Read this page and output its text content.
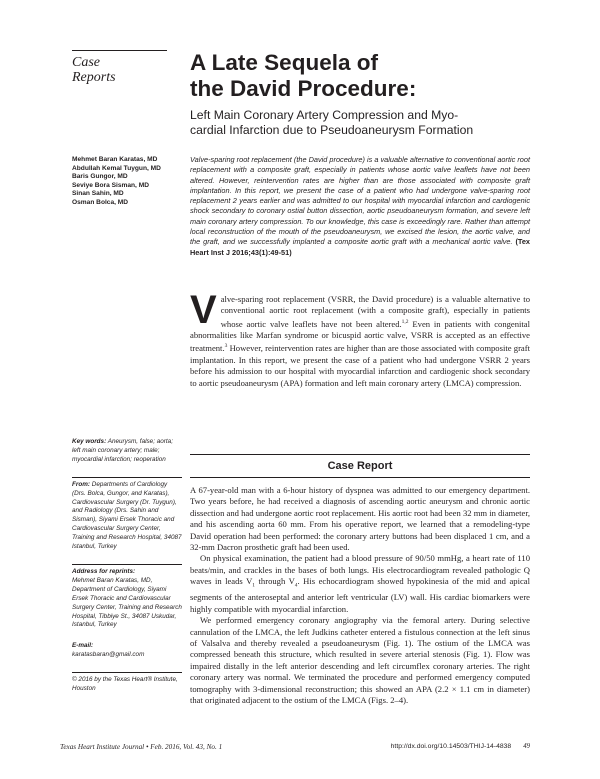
Case
Reports
A Late Sequela of
the David Procedure:
Left Main Coronary Artery Compression and Myo-
cardial Infarction due to Pseudoaneurysm Formation
Mehmet Baran Karatas, MD
Abdullah Kemal Tuygun, MD
Baris Gungor, MD
Seviye Bora Sisman, MD
Sinan Sahin, MD
Osman Bolca, MD
Valve-sparing root replacement (the David procedure) is a valuable alternative to conventional aortic root replacement with a composite graft, especially in patients whose aortic valve leaflets have not been altered. However, reintervention rates are higher than are those associated with composite graft implantation. In this report, we present the case of a patient who had undergone valve-sparing root replacement 2 years earlier and was admitted to our hospital with myocardial infarction and cardiogenic shock secondary to coronary ostial button dissection, aortic pseudoaneurysm formation, and severe left main coronary artery compression. To our knowledge, this case is exceedingly rare. Rather than attempt local reconstruction of the mouth of the pseudoaneurysm, we excised the lesion, the aortic valve, and the graft, and we successfully implanted a composite aortic graft with a mechanical aortic valve. (Tex Heart Inst J 2016;43(1):49-51)
Valve-sparing root replacement (VSRR, the David procedure) is a valuable alternative to conventional aortic root replacement (with a composite graft), especially in patients whose aortic valve leaflets have not been altered.$^{1,2}$ Even in patients with congenital abnormalities like Marfan syndrome or bicuspid aortic valve, VSRR is accepted as an effective treatment.$^3$ However, reintervention rates are higher than are those associated with composite graft implantation. In this report, we present the case of a patient who had undergone VSRR 2 years before his admission to our hospital with myocardial infarction and cardiogenic shock secondary to aortic pseudoaneurysm (APA) formation and left main coronary artery (LMCA) compression.
Key words: Aneurysm, false; aorta; left main coronary artery; male; myocardial infarction; reoperation
From: Departments of Cardiology (Drs. Bolca, Gungor, and Karatas), Cardiovascular Surgery (Dr. Tuygun), and Radiology (Drs. Sahin and Sisman), Siyami Ersek Thoracic and Cardiovascular Surgery Center, Training and Research Hospital, 34087 Istanbul, Turkey
Address for reprints:
Mehmet Baran Karatas, MD, Department of Cardiology, Siyami Ersek Thoracic and Cardiovascular Surgery Center, Training and Research Hospital, Tibbiye St., 34087 Uskudar, Istanbul, Turkey
E-mail:
karatasbaran@gmail.com
© 2016 by the Texas Heart® Institute, Houston
Case Report

A 67-year-old man with a 6-hour history of dyspnea was admitted to our emergency department. Two years before, he had received a diagnosis of ascending aortic aneurysm and chronic aortic dissection and had undergone aortic root replacement. His aortic root had been 32 mm in diameter, and his ascending aorta 60 mm. From his operative report, we learned that a remodeling-type David operation had been performed: the coronary artery buttons had been displaced 1 cm, and a 32-mm Dacron prosthetic graft had been used.

On physical examination, the patient had a blood pressure of 90/50 mmHg, a heart rate of 110 beats/min, and crackles in the bases of both lungs. His electrocardiogram revealed pathologic Q waves in leads $V_1$ through $V_4$. His echocardiogram showed hypokinesia of the mid and apical segments of the anteroseptal and anterior left ventricular (LV) wall. His cardiac biomarkers were highly compatible with myocardial infarction.

We performed emergency coronary angiography via the femoral artery. During selective cannulation of the LMCA, the left Judkins catheter entered a fistulous connection at the left sinus of Valsalva and thereby revealed a pseudoaneurysm (Fig. 1). The ostium of the LMCA was compressed beneath this structure, which resulted in severe arterial stenosis (Fig. 1). Flow was impaired distally in the left anterior descending and left circumflex coronary arteries. The right coronary artery was normal. We terminated the procedure and performed emergency computed tomography with 3-dimensional reconstruction; this showed an APA (2.2 × 1.1 cm in diameter) that originated adjacent to the ostium of the LMCA (Figs. 2–4).

Texas Heart Institute Journal • Feb. 2016, Vol. 43, No. 1	http://dx.doi.org/10.14503/THIJ-14-4838 49
